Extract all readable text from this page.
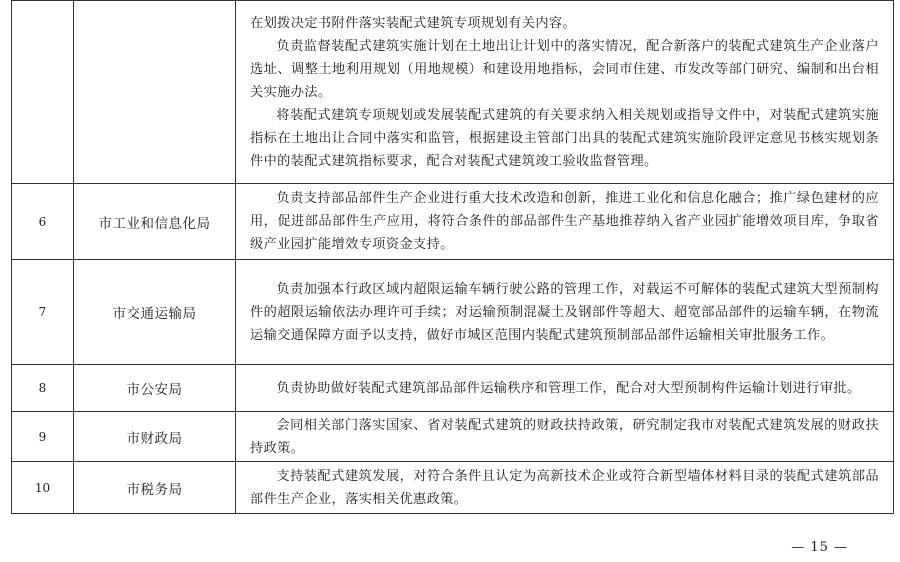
		在划拨决定书附件落实装配式建筑专项规划有关内容。

负责监督装配式建筑实施计划在土地出让计划中的落实情况，配合新落户的装配式建筑生产企业落户选址、调整土地利用规划（用地规模）和建设用地指标，会同市住建、市发改等部门研究、编制和出台相关实施办法。

将装配式建筑专项规划或发展装配式建筑的有关要求纳入相关规划或指导文件中，对装配式建筑实施指标在土地出让合同中落实和监管，根据建设主管部门出具的装配式建筑实施阶段评定意见书核实规划条件中的装配式建筑指标要求，配合对装配式建筑竣工验收监督管理。

6	市工业和信息化局	负责支持部品部件生产企业进行重大技术改造和创新，推进工业化和信息化融合；推广绿色建材的应用，促进部品部件生产应用，将符合条件的部品部件生产基地推荐纳入省产业园扩能增效项目库，争取省级产业园扩能增效专项资金支持。

7	市交通运输局	负责加强本行政区域内超限运输车辆行驶公路的管理工作，对载运不可解体的装配式建筑大型预制构件的超限运输依法办理许可手续；对运输预制混凝土及钢部件等超大、超宽部品部件的运输车辆，在物流运输交通保障方面予以支持，做好市城区范围内装配式建筑预制部品部件运输相关审批服务工作。

8	市公安局	负责协助做好装配式建筑部品部件运输秩序和管理工作，配合对大型预制构件运输计划进行审批。

9	市财政局	会同相关部门落实国家、省对装配式建筑的财政扶持政策，研究制定我市对装配式建筑发展的财政扶持政策。

10	市税务局	支持装配式建筑发展，对符合条件且认定为高新技术企业或符合新型墙体材料目录的装配式建筑部品部件生产企业，落实相关优惠政策。

— 15 —
